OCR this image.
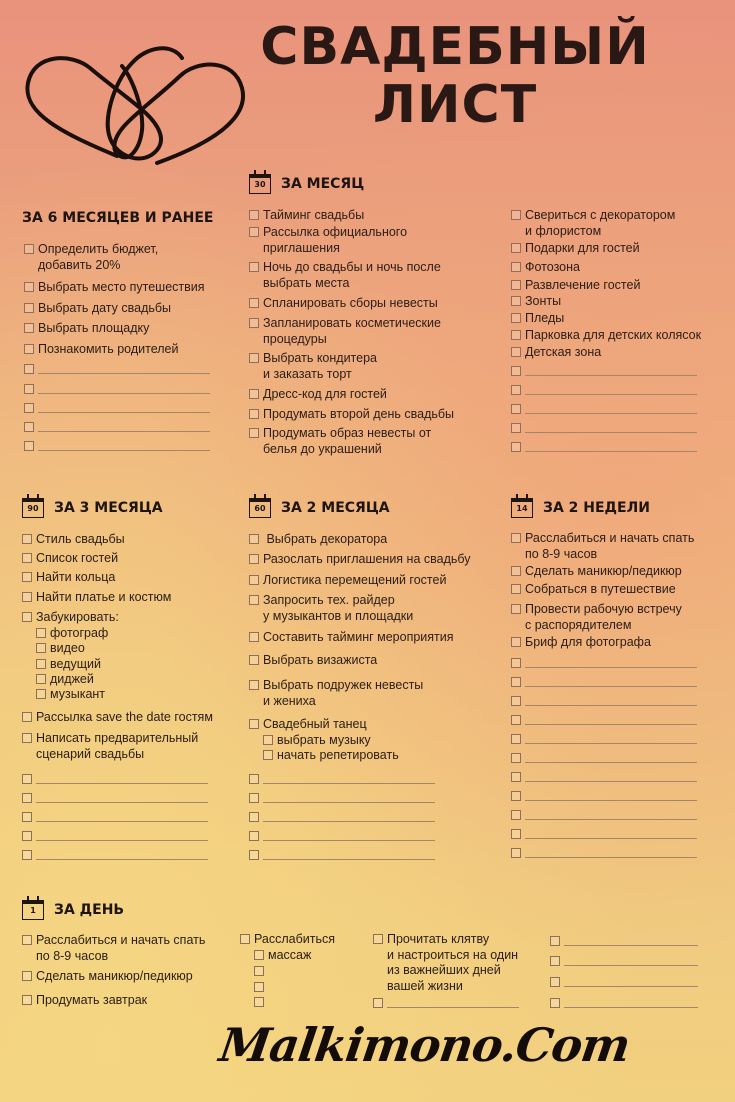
СВАДЕБНЫЙ
ЛИСТ
ЗА 6 МЕСЯЦЕВ И РАНЕЕ
Определить бюджет,
добавить 20%
Выбрать место путешествия
Выбрать дату свадьбы
Выбрать площадку
Познакомить родителей
30	ЗА МЕСЯЦ
Тайминг свадьбы
Рассылка официального
приглашения
Ночь до свадьбы и ночь после
выбрать места
Спланировать сборы невесты
Запланировать косметические
процедуры
Выбрать кондитера
и заказать торт
Дресс-код для гостей
Продумать второй день свадьбы
Продумать образ невесты от
белья до украшений
Свериться с декоратором
и флористом
Подарки для гостей
Фотозона
Развлечение гостей
Зонты
Пледы
Парковка для детских колясок
Детская зона
90	ЗА 3 МЕСЯЦА
Стиль свадьбы
Список гостей
Найти кольца
Найти платье и костюм
Забукировать:
фотограф
видео
ведущий
диджей
музыкант
Рассылка save the date гостям
Написать предварительный
сценарий свадьбы
60	ЗА 2 МЕСЯЦА
Выбрать декоратора
Разослать приглашения на свадьбу
Логистика перемещений гостей
Запросить тех. райдер
у музыкантов и площадки
Составить тайминг мероприятия
Выбрать визажиста
Выбрать подружек невесты
и жениха
Свадебный танец
выбрать музыку
начать репетировать
14	ЗА 2 НЕДЕЛИ
Расслабиться и начать спать
по 8-9 часов
Сделать маникюр/педикюр
Собраться в путешествие
Провести рабочую встречу
с распорядителем
Бриф для фотографа
1	ЗА ДЕНЬ
Расслабиться и начать спать
по 8-9 часов
Сделать маникюр/педикюр
Продумать завтрак
Расслабиться
массаж
Прочитать клятву
и настроиться на один
из важнейших дней
вашей жизни
Malkimono.Com
